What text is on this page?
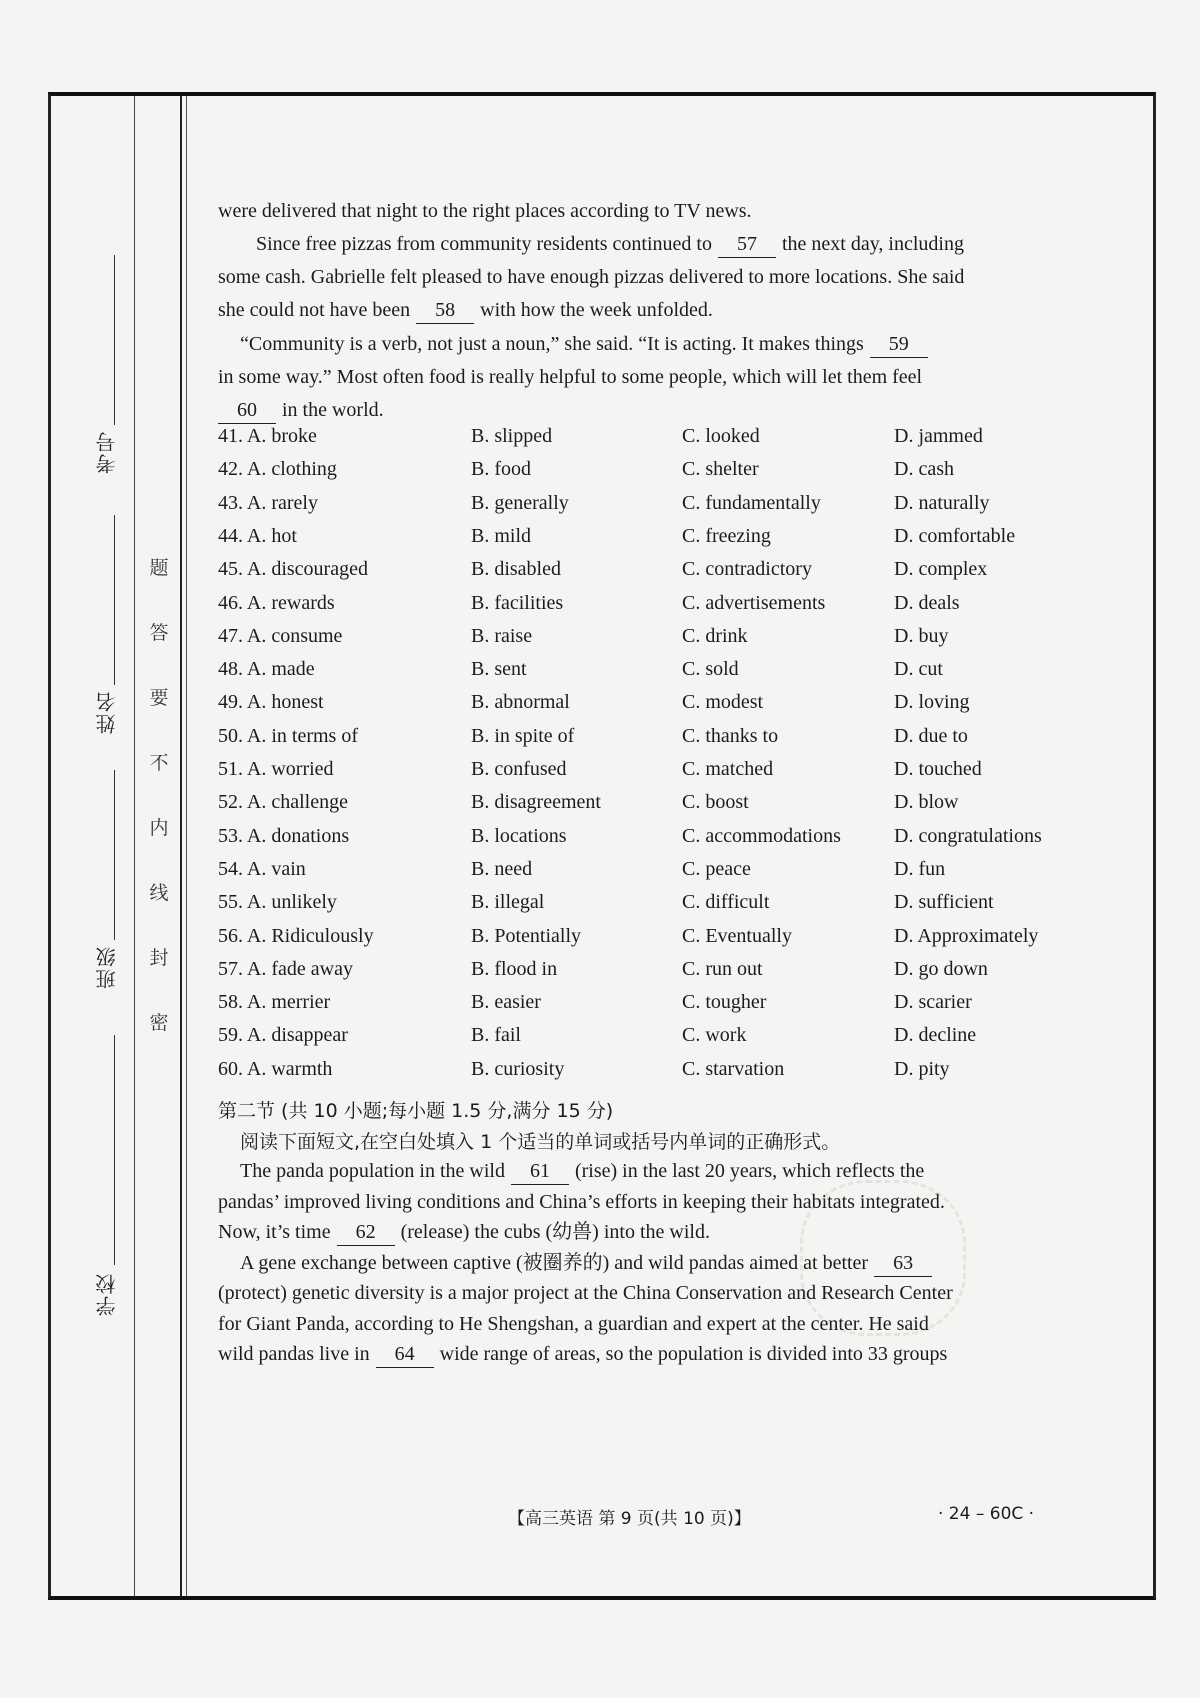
考号
姓名
班级
学校
题
答
要
不
内
线
封
密
were delivered that night to the right places according to TV news.
Since free pizzas from community residents continued to 57 the next day, including
some cash. Gabrielle felt pleased to have enough pizzas delivered to more locations. She said
she could not have been 58 with how the week unfolded.
“Community is a verb, not just a noun,” she said. “It is acting. It makes things 59
in some way.” Most often food is really helpful to some people, which will let them feel
60 in the world.
41. A. broke	B. slipped	C. looked	D. jammed
42. A. clothing	B. food	C. shelter	D. cash
43. A. rarely	B. generally	C. fundamentally	D. naturally
44. A. hot	B. mild	C. freezing	D. comfortable
45. A. discouraged	B. disabled	C. contradictory	D. complex
46. A. rewards	B. facilities	C. advertisements	D. deals
47. A. consume	B. raise	C. drink	D. buy
48. A. made	B. sent	C. sold	D. cut
49. A. honest	B. abnormal	C. modest	D. loving
50. A. in terms of	B. in spite of	C. thanks to	D. due to
51. A. worried	B. confused	C. matched	D. touched
52. A. challenge	B. disagreement	C. boost	D. blow
53. A. donations	B. locations	C. accommodations	D. congratulations
54. A. vain	B. need	C. peace	D. fun
55. A. unlikely	B. illegal	C. difficult	D. sufficient
56. A. Ridiculously	B. Potentially	C. Eventually	D. Approximately
57. A. fade away	B. flood in	C. run out	D. go down
58. A. merrier	B. easier	C. tougher	D. scarier
59. A. disappear	B. fail	C. work	D. decline
60. A. warmth	B. curiosity	C. starvation	D. pity
第二节 (共 10 小题;每小题 1.5 分,满分 15 分)
阅读下面短文,在空白处填入 1 个适当的单词或括号内单词的正确形式。
The panda population in the wild 61 (rise) in the last 20 years, which reflects the
pandas’ improved living conditions and China’s efforts in keeping their habitats integrated.
Now, it’s time 62 (release) the cubs (幼兽) into the wild.
A gene exchange between captive (被圈养的) and wild pandas aimed at better 63
(protect) genetic diversity is a major project at the China Conservation and Research Center
for Giant Panda, according to He Shengshan, a guardian and expert at the center. He said
wild pandas live in 64 wide range of areas, so the population is divided into 33 groups
【高三英语 第 9 页(共 10 页)】	· 24 – 60C ·
